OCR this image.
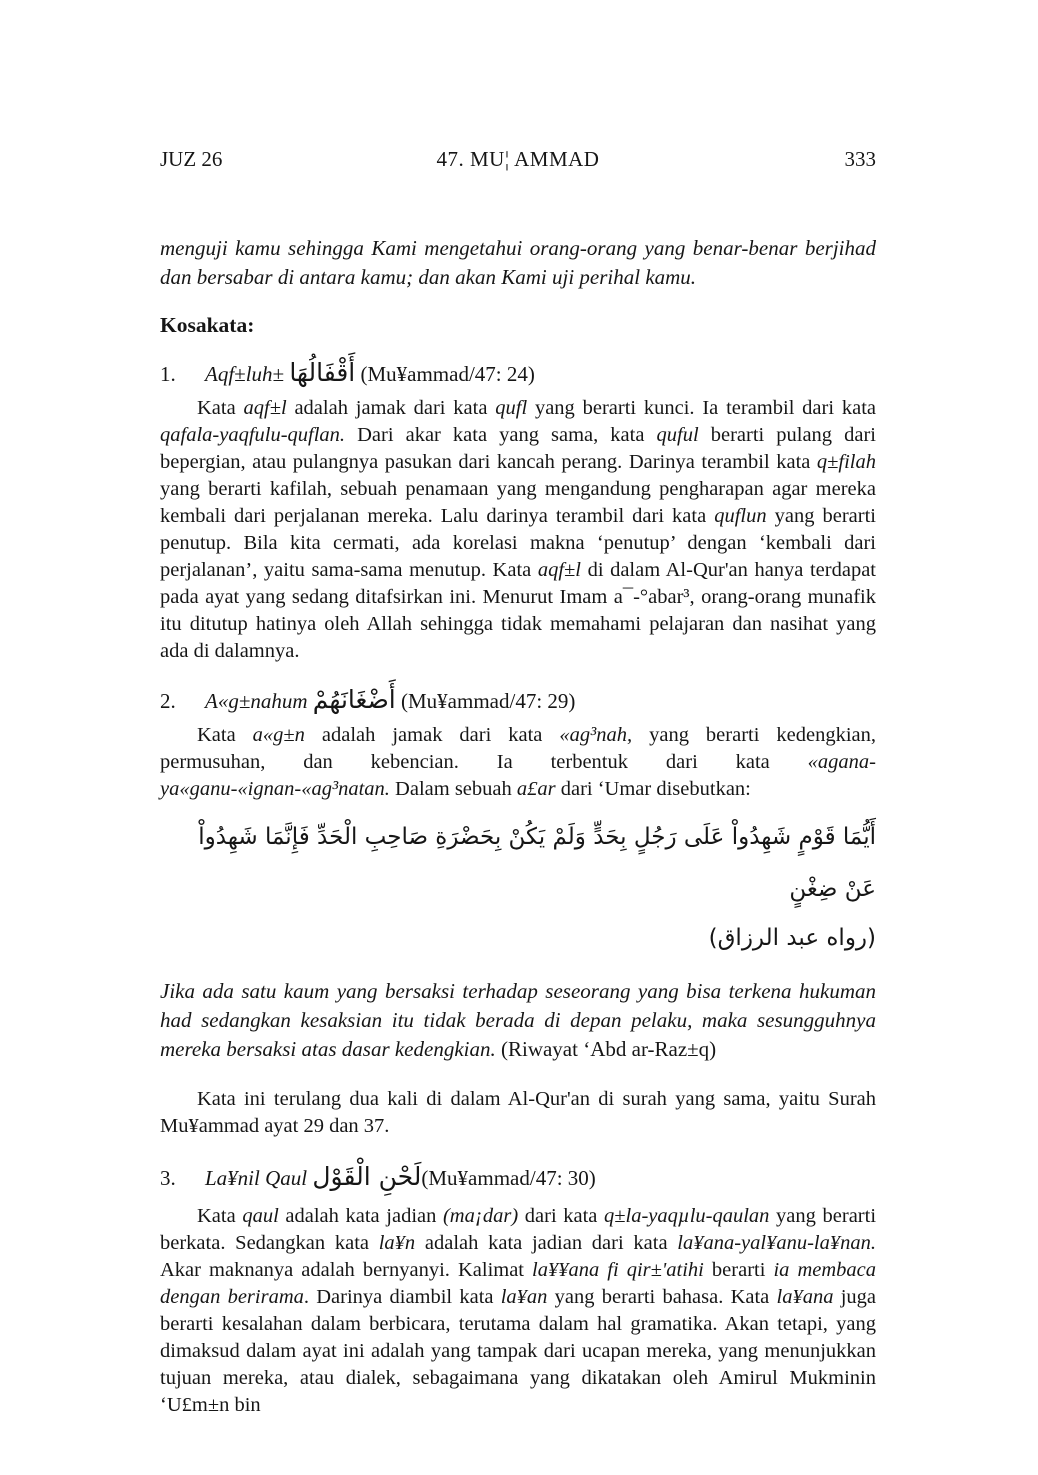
JUZ 26	47. MU¦ AMMAD	333

menguji kamu sehingga Kami mengetahui orang-orang yang benar-benar berjihad dan bersabar di antara kamu; dan akan Kami uji perihal kamu.

Kosakata:
1. Aqf±luh± أَقْفَالُهَا (Mu¥ammad/47: 24)

Kata aqf±l adalah jamak dari kata qufl yang berarti kunci. Ia terambil dari kata qafala-yaqfulu-quflan. Dari akar kata yang sama, kata quful berarti pulang dari bepergian, atau pulangnya pasukan dari kancah perang. Darinya terambil kata q±filah yang berarti kafilah, sebuah penamaan yang mengandung pengharapan agar mereka kembali dari perjalanan mereka. Lalu darinya terambil dari kata quflun yang berarti penutup. Bila kita cermati, ada korelasi makna ‘penutup’ dengan ‘kembali dari perjalanan’, yaitu sama-sama menutup. Kata aqf±l di dalam Al-Qur'an hanya terdapat pada ayat yang sedang ditafsirkan ini. Menurut Imam a¯-°abar³, orang-orang munafik itu ditutup hatinya oleh Allah sehingga tidak memahami pelajaran dan nasihat yang ada di dalamnya.

2. A«g±nahum أَضْغَانَهُمْ (Mu¥ammad/47: 29)

Kata a«g±n adalah jamak dari kata «ag³nah, yang berarti kedengkian, permusuhan, dan kebencian. Ia terbentuk dari kata «agana-ya«ganu-«ignan-«ag³natan. Dalam sebuah a£ar dari ‘Umar disebutkan:

أَيُّمَا قَوْمٍ شَهِدُواْ عَلَى رَجُلٍ بِحَدٍّ وَلَمْ يَكُنْ بِحَضْرَةِ صَاحِبِ الْحَدِّ فَإِنَّمَا شَهِدُواْ عَنْ ضِغْنٍ
(رواه عبد الرزاق)

Jika ada satu kaum yang bersaksi terhadap seseorang yang bisa terkena hukuman had sedangkan kesaksian itu tidak berada di depan pelaku, maka sesungguhnya mereka bersaksi atas dasar kedengkian. (Riwayat ‘Abd ar-Raz±q)

Kata ini terulang dua kali di dalam Al-Qur'an di surah yang sama, yaitu Surah Mu¥ammad ayat 29 dan 37.

3. La¥nil Qaul لَحْنِ الْقَوْل(Mu¥ammad/47: 30)

Kata qaul adalah kata jadian (ma¡dar) dari kata q±la-yaqµlu-qaulan yang berarti berkata. Sedangkan kata la¥n adalah kata jadian dari kata la¥ana-yal¥anu-la¥nan. Akar maknanya adalah bernyanyi. Kalimat la¥¥ana fi qir±'atihi berarti ia membaca dengan berirama. Darinya diambil kata la¥an yang berarti bahasa. Kata la¥ana juga berarti kesalahan dalam berbicara, terutama dalam hal gramatika. Akan tetapi, yang dimaksud dalam ayat ini adalah yang tampak dari ucapan mereka, yang menunjukkan tujuan mereka, atau dialek, sebagaimana yang dikatakan oleh Amirul Mukminin ‘U£m±n bin
